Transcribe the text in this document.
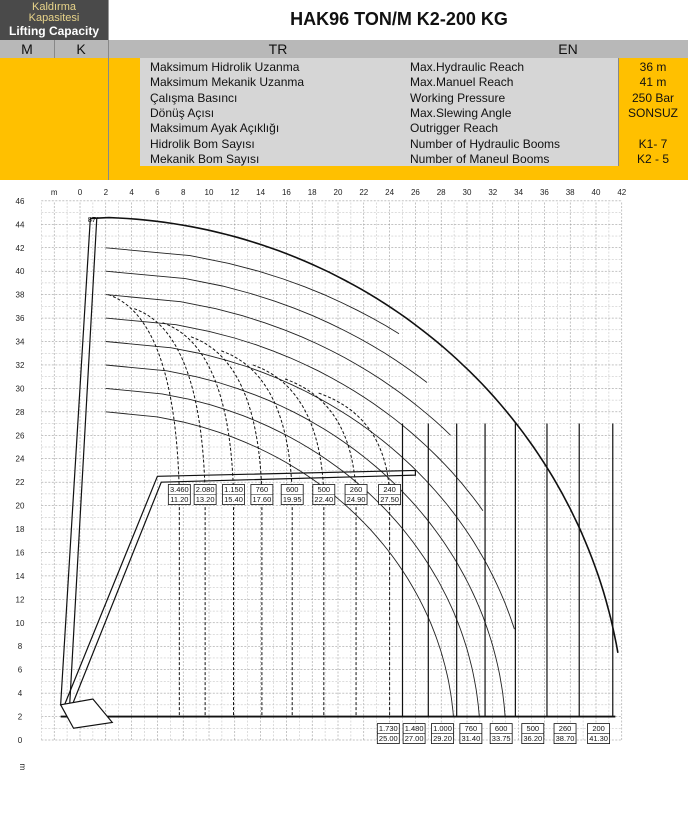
Kaldırma
Kapasitesi
Lifting Capacity
HAK96 TON/M K2-200 KG
M	K	TR	EN
Maksimum Hidrolik Uzanma	Max.Hydraulic Reach	36 m
Maksimum Mekanik Uzanma	Max.Manuel Reach	41 m
Çalışma Basıncı	Working Pressure	250 Bar
Dönüş Açısı	Max.Slewing Angle	SONSUZ
Maksimum Ayak Açıklığı	Outrigger Reach
Hidrolik Bom Sayısı	Number of Hydraulic Booms	K1- 7
Mekanik Bom Sayısı	Number of Maneul Booms	K2 - 5
0	2	4	6	8 10 12 14 16 18 20 22 24 26 28 30 32 34 36 38 40 42
m
0
2
4
6
8
10
12
14
16
18
20
22
24
26
28
30
32
34
36
38
40
42
44
46
m
87°
3.460
11.20
2.080
13.20
1.150
15.40
760
17.60
600
19.95
500
22.40
260
24.90
240
27.50
1.730
25.00
1.480
27.00
1.000
29.20
760
31.40
600
33.75
500
36.20
260
38.70
200
41.30
